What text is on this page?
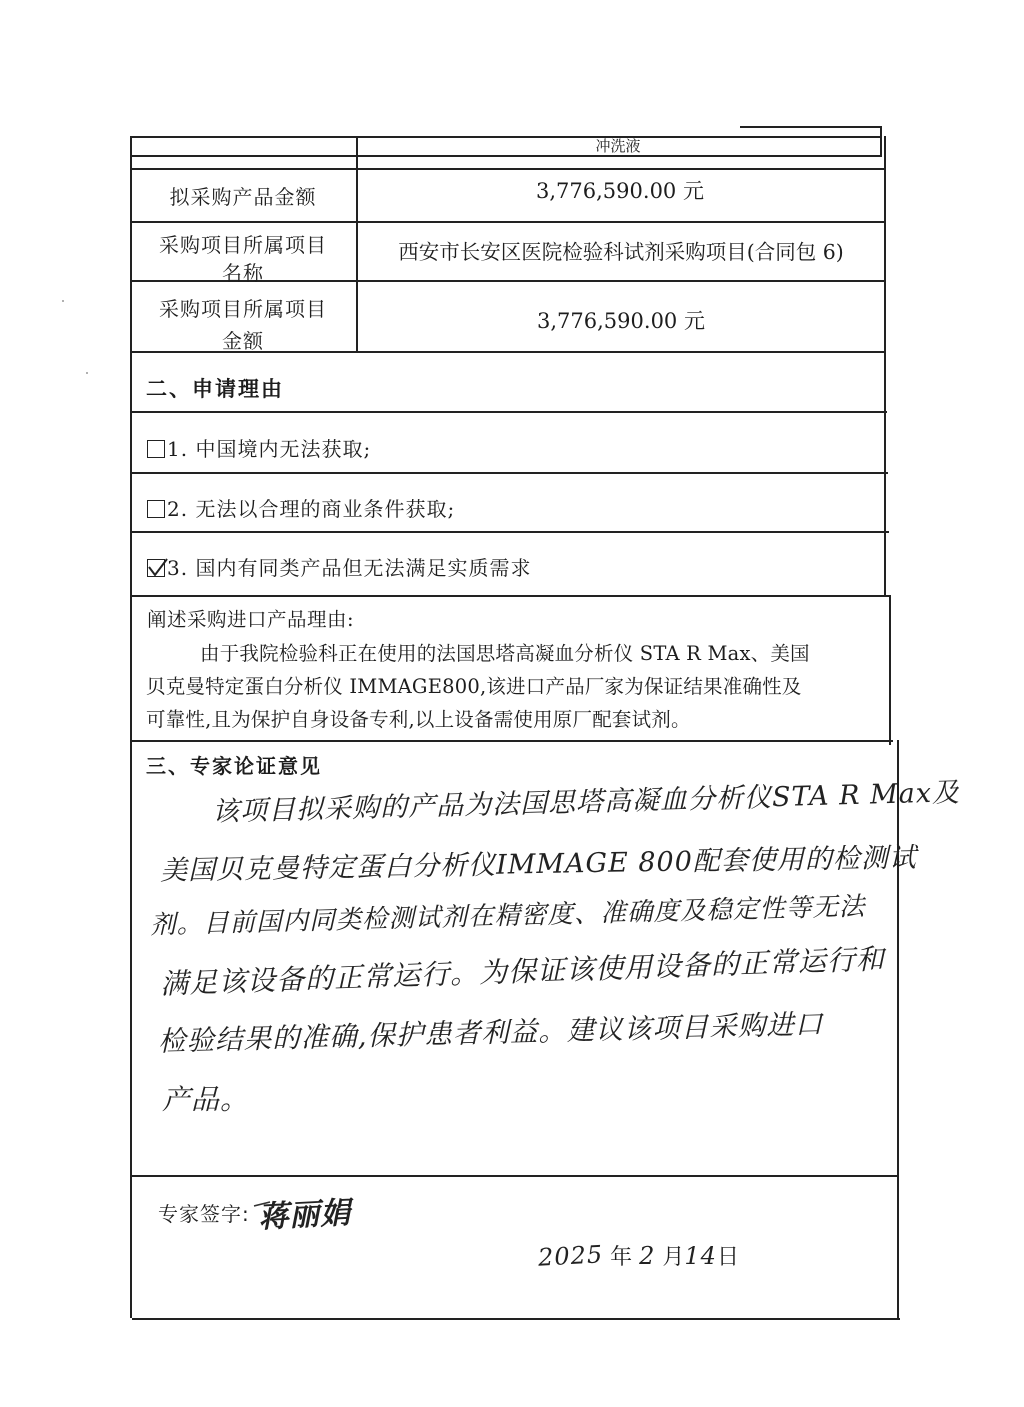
冲洗液
拟采购产品金额	3,776,590.00 元
采购项目所属项目
名称
西安市长安区医院检验科试剂采购项目(合同包 6)
采购项目所属项目
金额
3,776,590.00 元
二、申请理由
1. 中国境内无法获取;
2. 无法以合理的商业条件获取;
3. 国内有同类产品但无法满足实质需求
阐述采购进口产品理由:
由于我院检验科正在使用的法国思塔高凝血分析仪 STA R Max、美国
贝克曼特定蛋白分析仪 IMMAGE800,该进口产品厂家为保证结果准确性及
可靠性,且为保护自身设备专利,以上设备需使用原厂配套试剂。
三、专家论证意见
该项目拟采购的产品为法国思塔高凝血分析仪STA R Max及
美国贝克曼特定蛋白分析仪IMMAGE 800配套使用的检测试
剂。目前国内同类检测试剂在精密度、准确度及稳定性等无法
满足该设备的正常运行。为保证该使用设备的正常运行和
检验结果的准确,保护患者利益。建议该项目采购进口
产品。
专家签字: 蒋丽娟
2025 年 2 月14日
